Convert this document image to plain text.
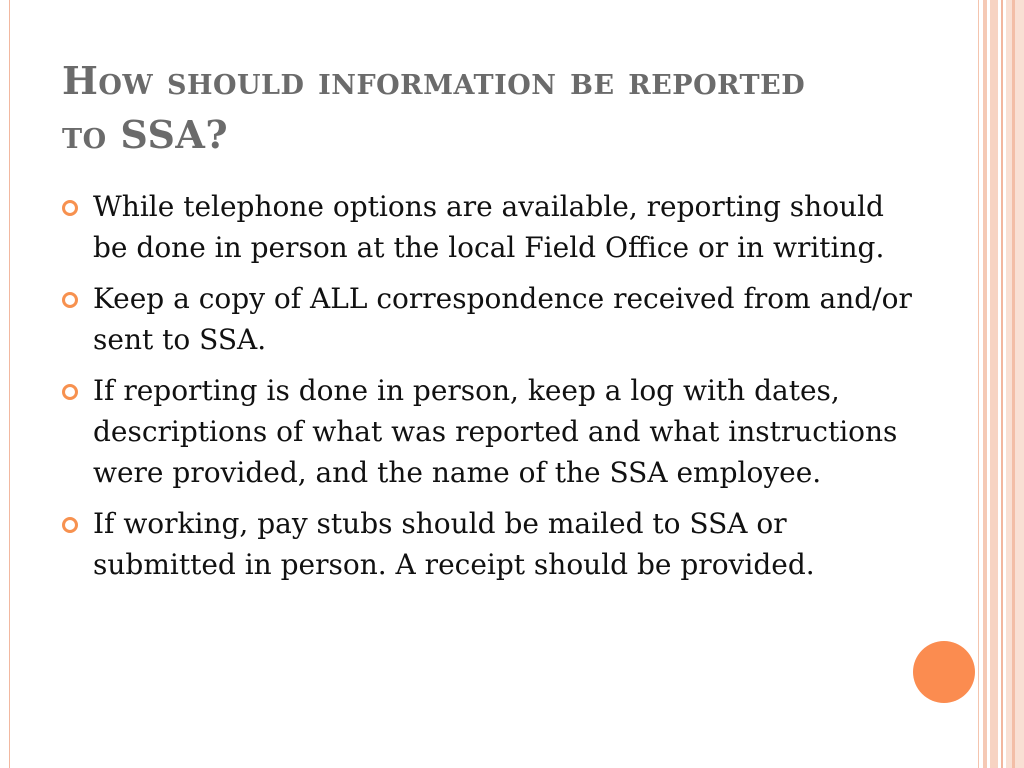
How should information be reported
to SSA?
While telephone options are available, reporting should be done in person at the local Field Office or in writing.
Keep a copy of ALL correspondence received from and/or sent to SSA.
If reporting is done in person, keep a log with dates, descriptions of what was reported and what instructions were provided, and the name of the SSA employee.
If working, pay stubs should be mailed to SSA or submitted in person. A receipt should be provided.
